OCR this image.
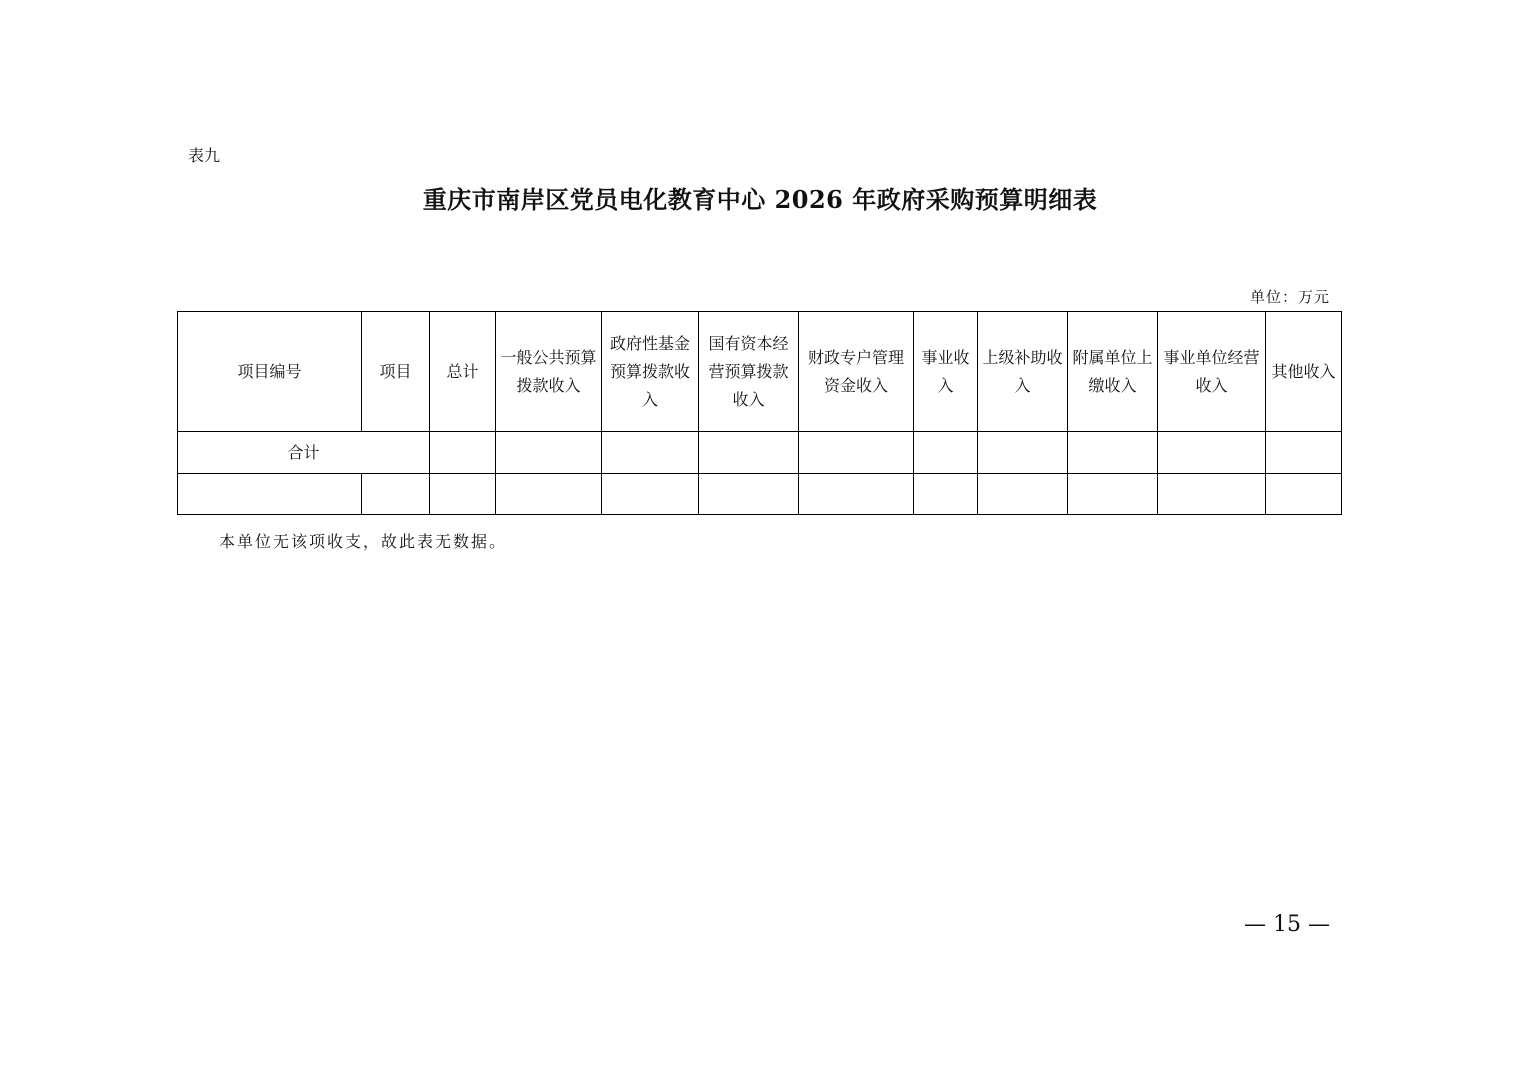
表九
重庆市南岸区党员电化教育中心 2026 年政府采购预算明细表
单位：万元
项目编号	项目	总计	一般公共预算拨款收入	政府性基金预算拨款收入	国有资本经营预算拨款收入	财政专户管理资金收入	事业收入	上级补助收入	附属单位上缴收入	事业单位经营收入	其他收入
合计											

本单位无该项收支，故此表无数据。
— 15 —
